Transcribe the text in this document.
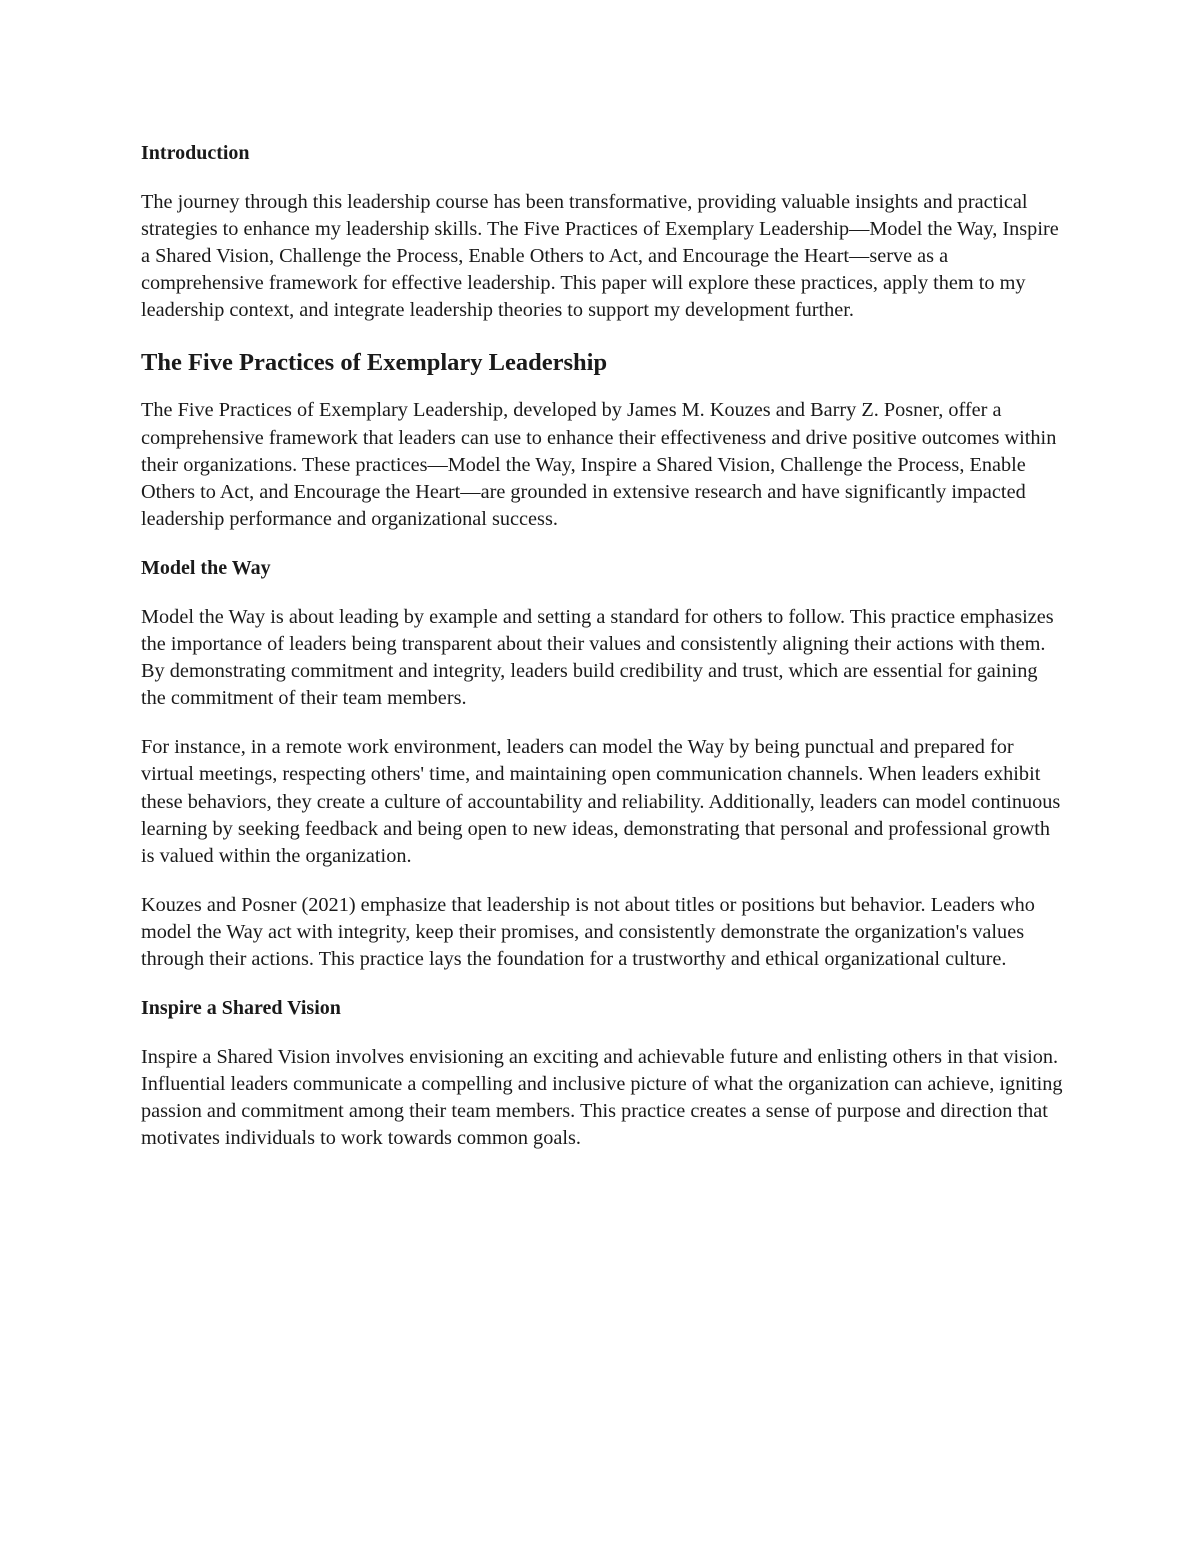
Introduction

The journey through this leadership course has been transformative, providing valuable insights and practical strategies to enhance my leadership skills. The Five Practices of Exemplary Leadership—Model the Way, Inspire a Shared Vision, Challenge the Process, Enable Others to Act, and Encourage the Heart—serve as a comprehensive framework for effective leadership. This paper will explore these practices, apply them to my leadership context, and integrate leadership theories to support my development further.

The Five Practices of Exemplary Leadership

The Five Practices of Exemplary Leadership, developed by James M. Kouzes and Barry Z. Posner, offer a comprehensive framework that leaders can use to enhance their effectiveness and drive positive outcomes within their organizations. These practices—Model the Way, Inspire a Shared Vision, Challenge the Process, Enable Others to Act, and Encourage the Heart—are grounded in extensive research and have significantly impacted leadership performance and organizational success.

Model the Way

Model the Way is about leading by example and setting a standard for others to follow. This practice emphasizes the importance of leaders being transparent about their values and consistently aligning their actions with them. By demonstrating commitment and integrity, leaders build credibility and trust, which are essential for gaining the commitment of their team members.

For instance, in a remote work environment, leaders can model the Way by being punctual and prepared for virtual meetings, respecting others' time, and maintaining open communication channels. When leaders exhibit these behaviors, they create a culture of accountability and reliability. Additionally, leaders can model continuous learning by seeking feedback and being open to new ideas, demonstrating that personal and professional growth is valued within the organization.

Kouzes and Posner (2021) emphasize that leadership is not about titles or positions but behavior. Leaders who model the Way act with integrity, keep their promises, and consistently demonstrate the organization's values through their actions. This practice lays the foundation for a trustworthy and ethical organizational culture.

Inspire a Shared Vision

Inspire a Shared Vision involves envisioning an exciting and achievable future and enlisting others in that vision. Influential leaders communicate a compelling and inclusive picture of what the organization can achieve, igniting passion and commitment among their team members. This practice creates a sense of purpose and direction that motivates individuals to work towards common goals.
